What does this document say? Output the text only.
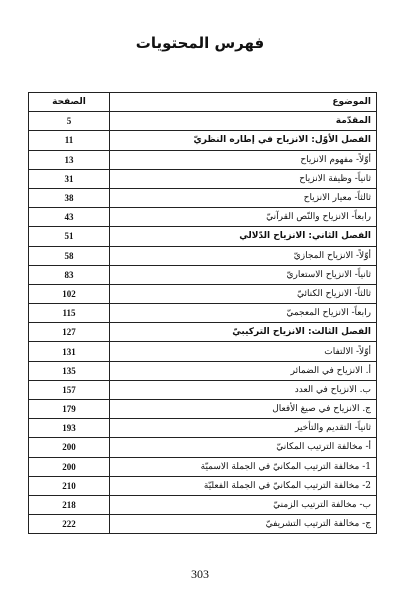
فهرس المحتويات
الموضوع	الصفحة
المقدّمة	5
الفصل الأوّل: الانزياح في إطاره النظريّ	11
أوّلاً- مفهوم الانزياح	13
ثانياً- وظيفة الانزياح	31
ثالثاً- معيار الانزياح	38
رابعاً- الانزياح والنّص القرآنيّ	43
الفصل الثاني: الانزياح الدّلالي	51
أوّلاً- الانزياح المجازيّ	58
ثانياً- الانزياح الاستعاريّ	83
ثالثاً- الانزياح الكنائيّ	102
رابعاً- الانزياح المعجميّ	115
الفصل الثالث: الانزياح التركيبيّ	127
أوّلاً- الالتفات	131
أ. الانزياح في الضمائر	135
ب. الانزياح في العدد	157
ج. الانزياح في صيغ الأفعال	179
ثانياً- التقديم والتأخير	193
أ- مخالفة الترتيب المكانيّ	200
1- مخالفة الترتيب المكانيّ في الجملة الاسميّة	200
2- مخالفة الترتيب المكانيّ في الجملة الفعليّة	210
ب- مخالفة الترتيب الزمنيّ	218
ج- مخالفة الترتيب التشريفيّ	222
303
